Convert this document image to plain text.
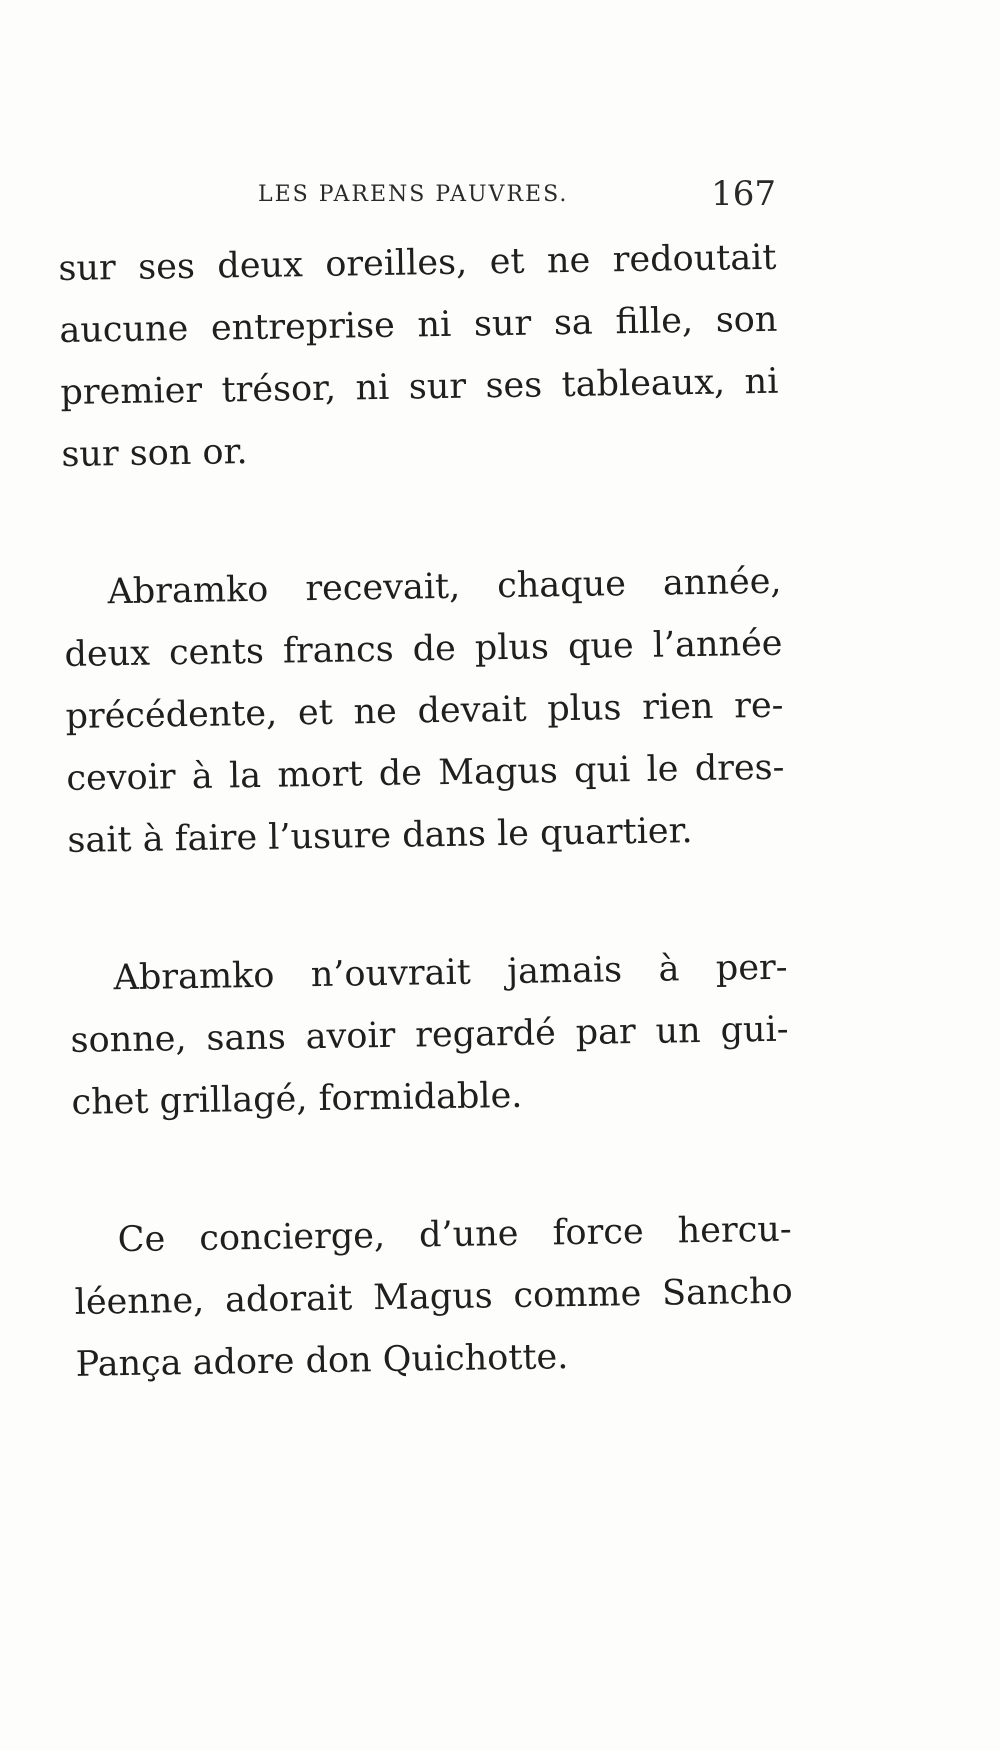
LES PARENS PAUVRES.	167

sur ses deux oreilles, et ne redoutait
aucune entreprise ni sur sa fille, son
premier trésor, ni sur ses tableaux, ni
sur son or.

Abramko recevait, chaque année,
deux cents francs de plus que l’année
précédente, et ne devait plus rien re-
cevoir à la mort de Magus qui le dres-
sait à faire l’usure dans le quartier.

Abramko n’ouvrait jamais à per-
sonne, sans avoir regardé par un gui-
chet grillagé, formidable.

Ce concierge, d’une force hercu-
léenne, adorait Magus comme Sancho
Pança adore don Quichotte.
